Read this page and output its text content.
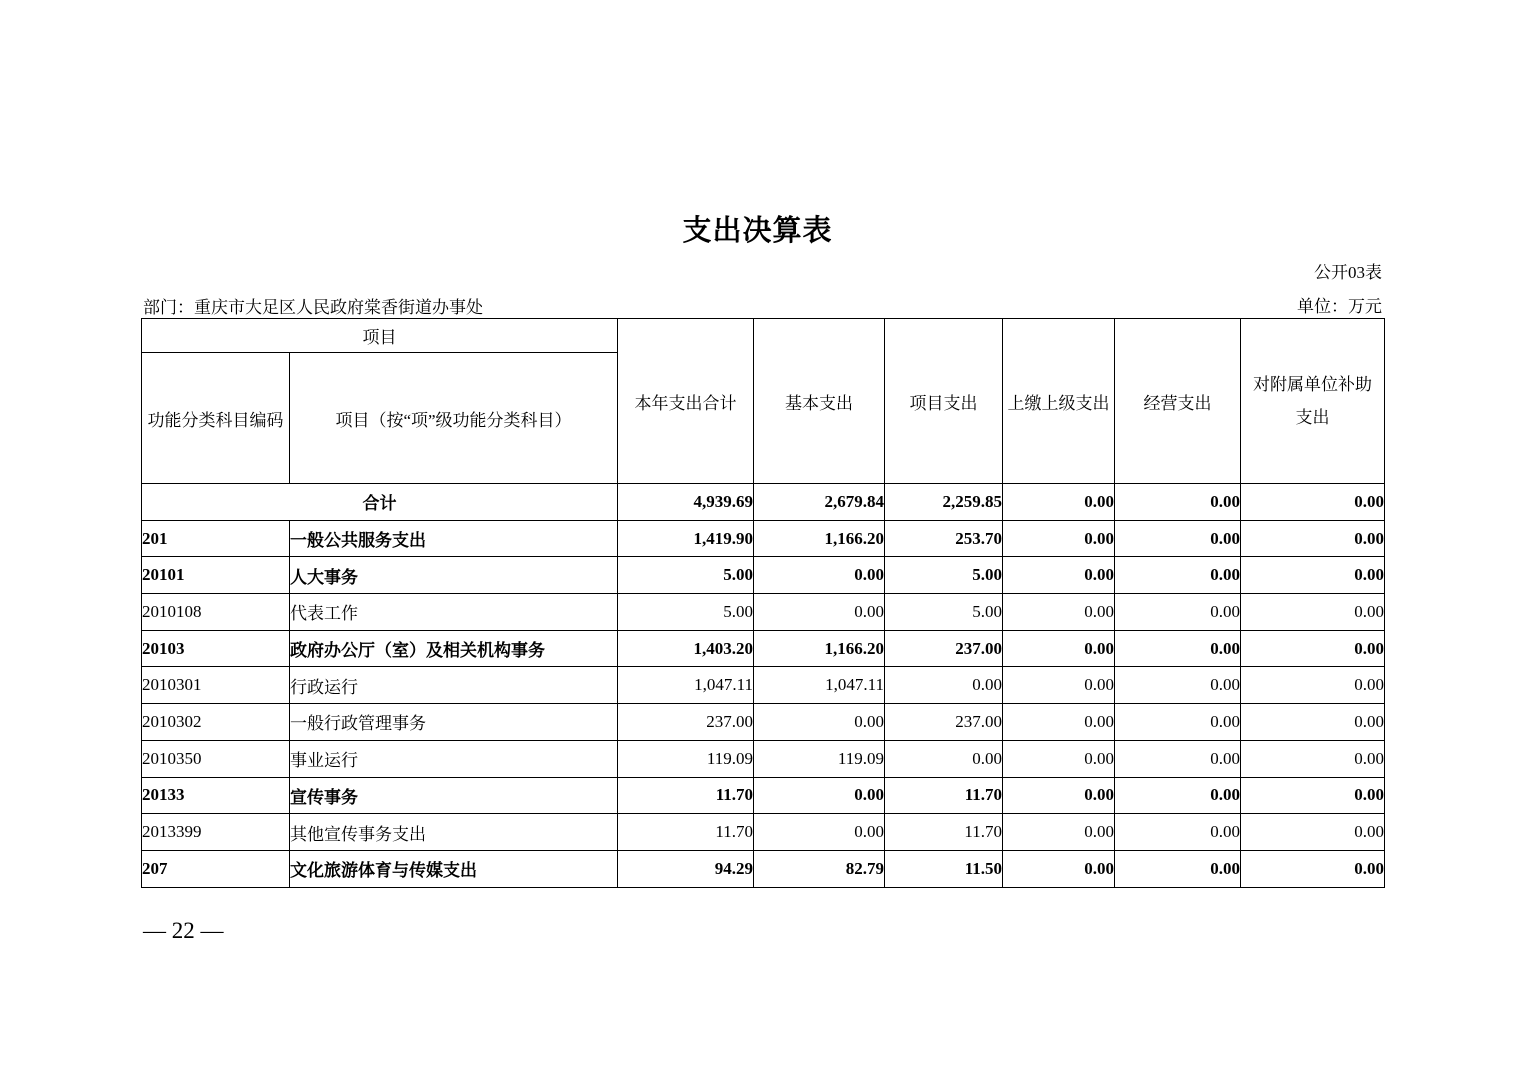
支出决算表
公开03表
部门：重庆市大足区人民政府棠香街道办事处	单位：万元
项目		本年支出合计	基本支出	项目支出	上缴上级支出	经营支出	对附属单位补助支出
功能分类科目编码	项目（按“项”级功能分类科目）						
合计		4,939.69	2,679.84	2,259.85	0.00	0.00	0.00
201	一般公共服务支出	1,419.90	1,166.20	253.70	0.00	0.00	0.00
20101	人大事务	5.00	0.00	5.00	0.00	0.00	0.00
2010108	代表工作	5.00	0.00	5.00	0.00	0.00	0.00
20103	政府办公厅（室）及相关机构事务	1,403.20	1,166.20	237.00	0.00	0.00	0.00
2010301	行政运行	1,047.11	1,047.11	0.00	0.00	0.00	0.00
2010302	一般行政管理事务	237.00	0.00	237.00	0.00	0.00	0.00
2010350	事业运行	119.09	119.09	0.00	0.00	0.00	0.00
20133	宣传事务	11.70	0.00	11.70	0.00	0.00	0.00
2013399	其他宣传事务支出	11.70	0.00	11.70	0.00	0.00	0.00
207	文化旅游体育与传媒支出	94.29	82.79	11.50	0.00	0.00	0.00
— 22 —
